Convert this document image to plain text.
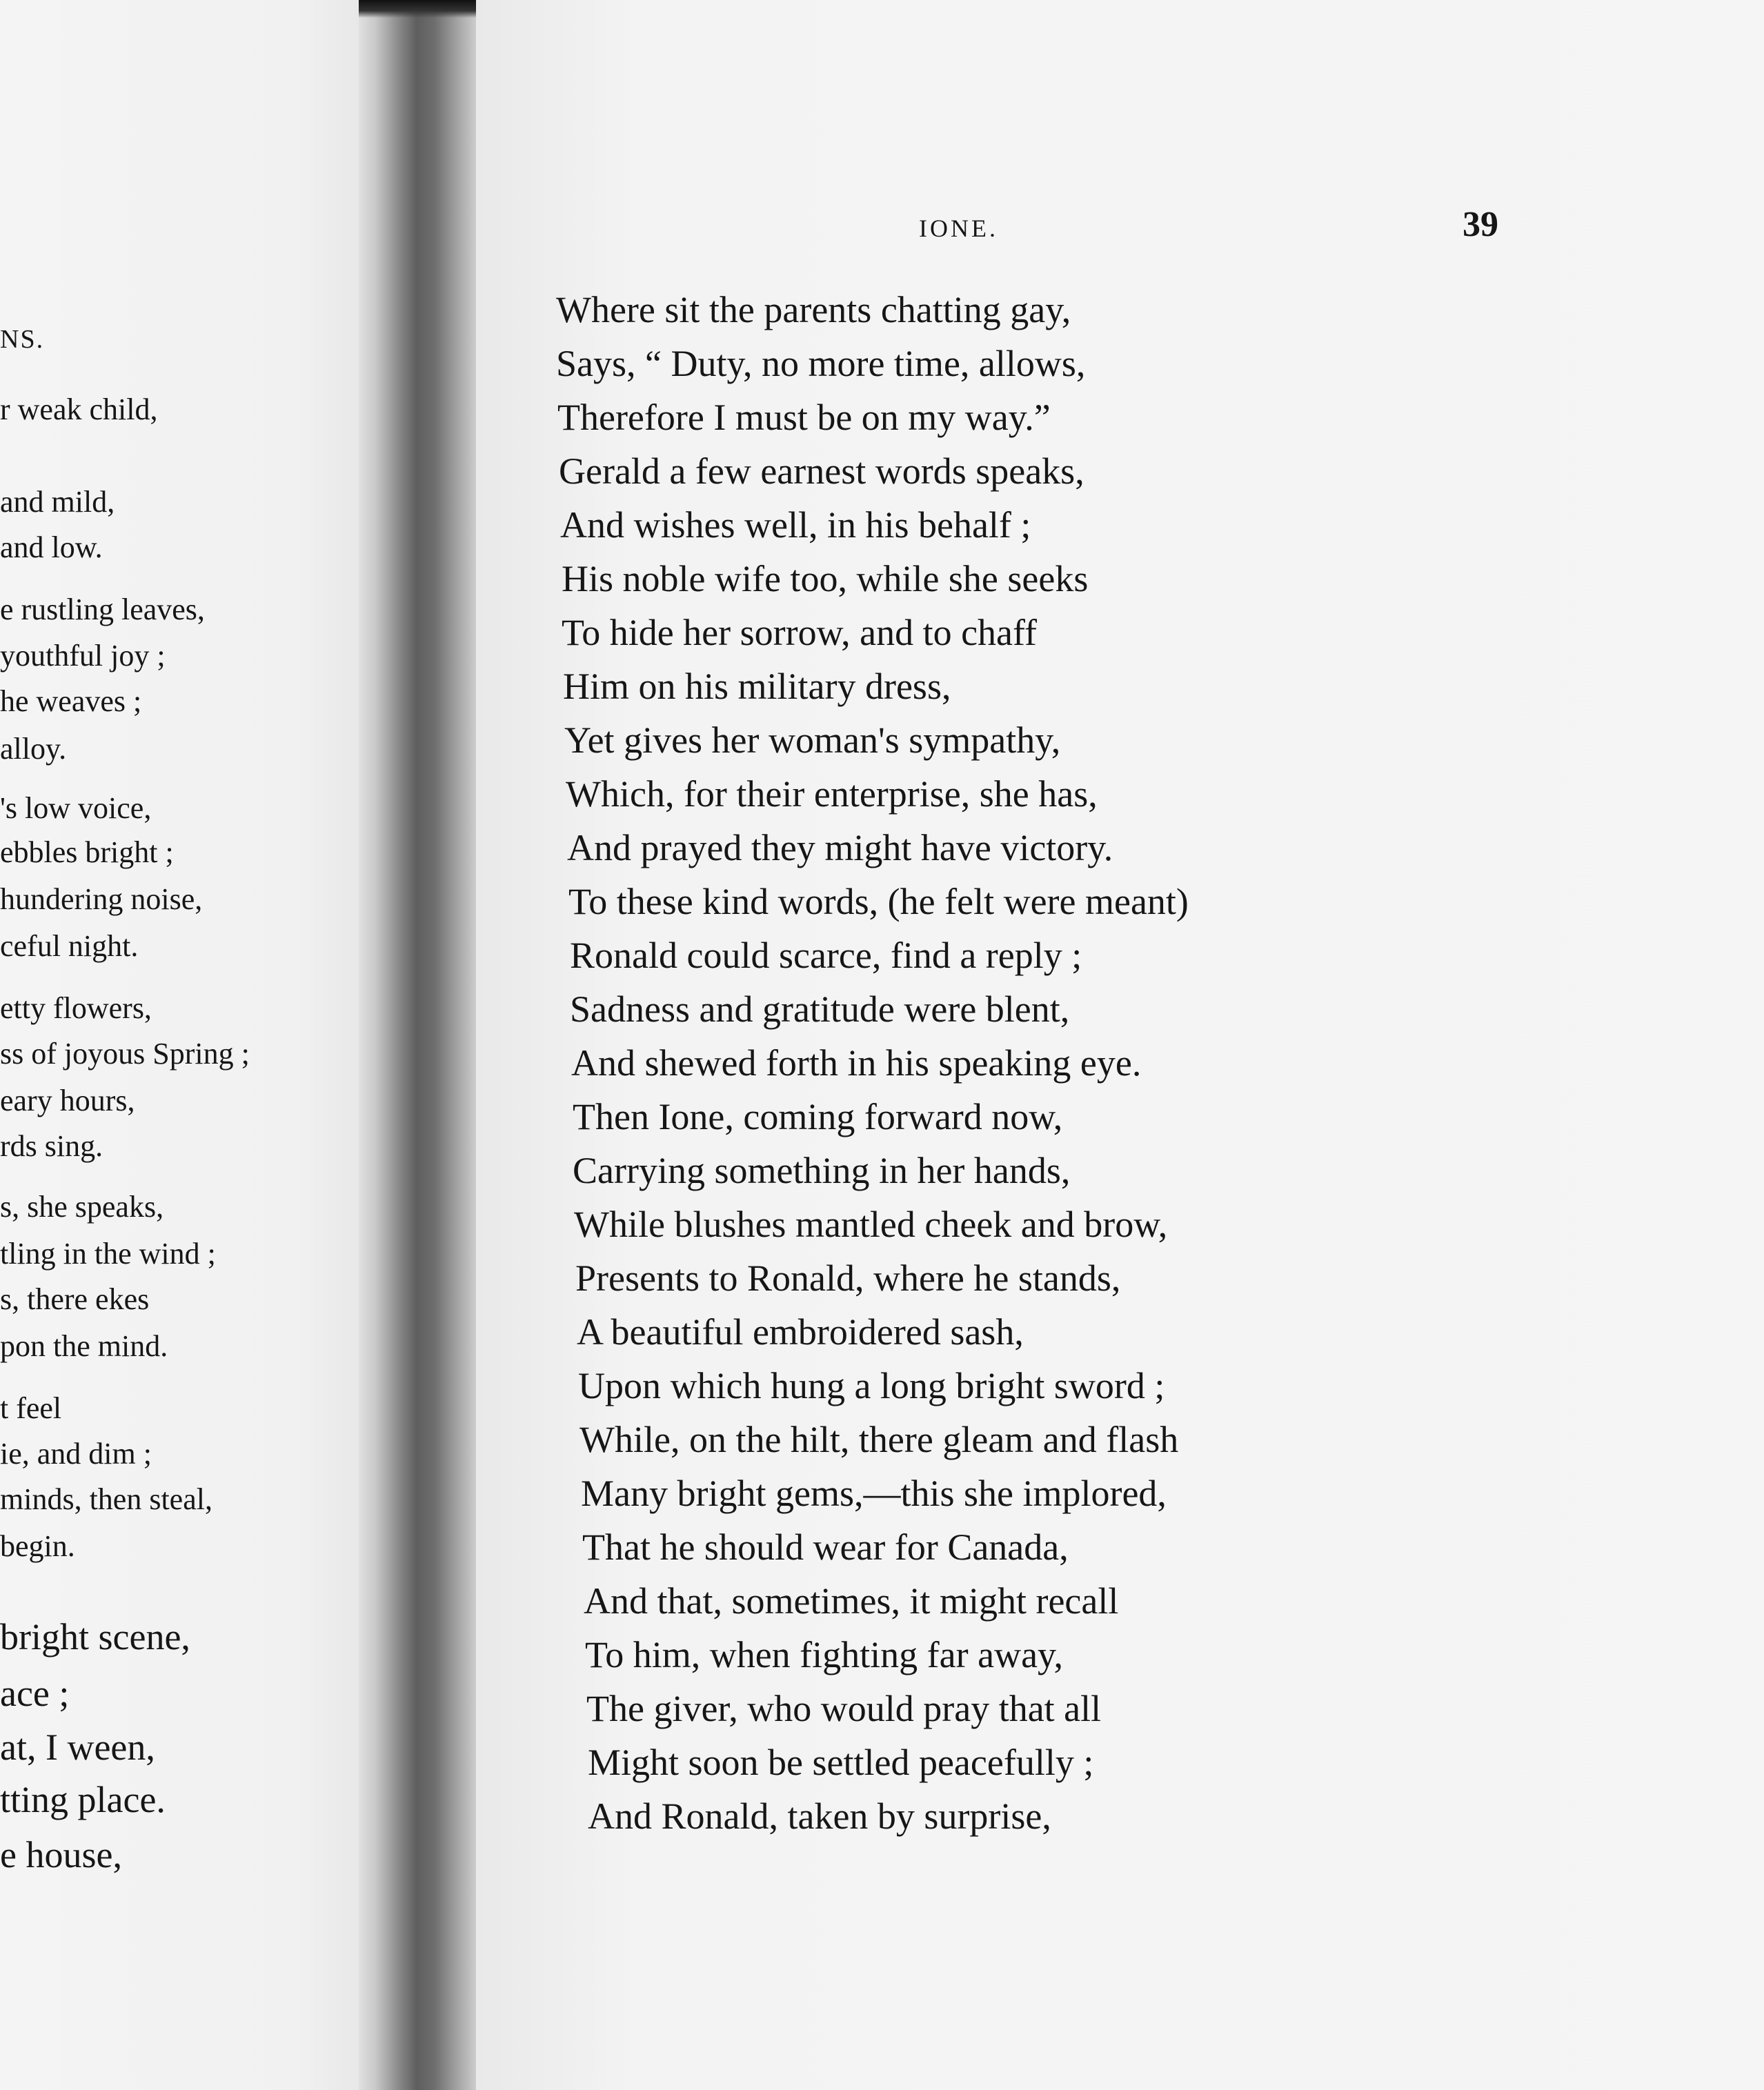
NS.
r weak child,
and mild,
and low.
e rustling leaves,
youthful joy ;
he weaves ;
alloy.
's low voice,
ebbles bright ;
hundering noise,
ceful night.
etty flowers,
ss of joyous Spring ;
eary hours,
rds sing.
s, she speaks,
tling in the wind ;
s, there ekes
pon the mind.
t feel
ie, and dim ;
minds, then steal,
begin.
bright scene,
ace ;
at, I ween,
tting place.
e house,
IONE.	39
Where sit the parents chatting gay,
Says, “ Duty, no more time, allows,
Therefore I must be on my way.”
Gerald a few earnest words speaks,
And wishes well, in his behalf ;
His noble wife too, while she seeks
To hide her sorrow, and to chaff
Him on his military dress,
Yet gives her woman's sympathy,
Which, for their enterprise, she has,
And prayed they might have victory.
To these kind words, (he felt were meant)
Ronald could scarce, find a reply ;
Sadness and gratitude were blent,
And shewed forth in his speaking eye.
Then Ione, coming forward now,
Carrying something in her hands,
While blushes mantled cheek and brow,
Presents to Ronald, where he stands,
A beautiful embroidered sash,
Upon which hung a long bright sword ;
While, on the hilt, there gleam and flash
Many bright gems,—this she implored,
That he should wear for Canada,
And that, sometimes, it might recall
To him, when fighting far away,
The giver, who would pray that all
Might soon be settled peacefully ;
And Ronald, taken by surprise,
